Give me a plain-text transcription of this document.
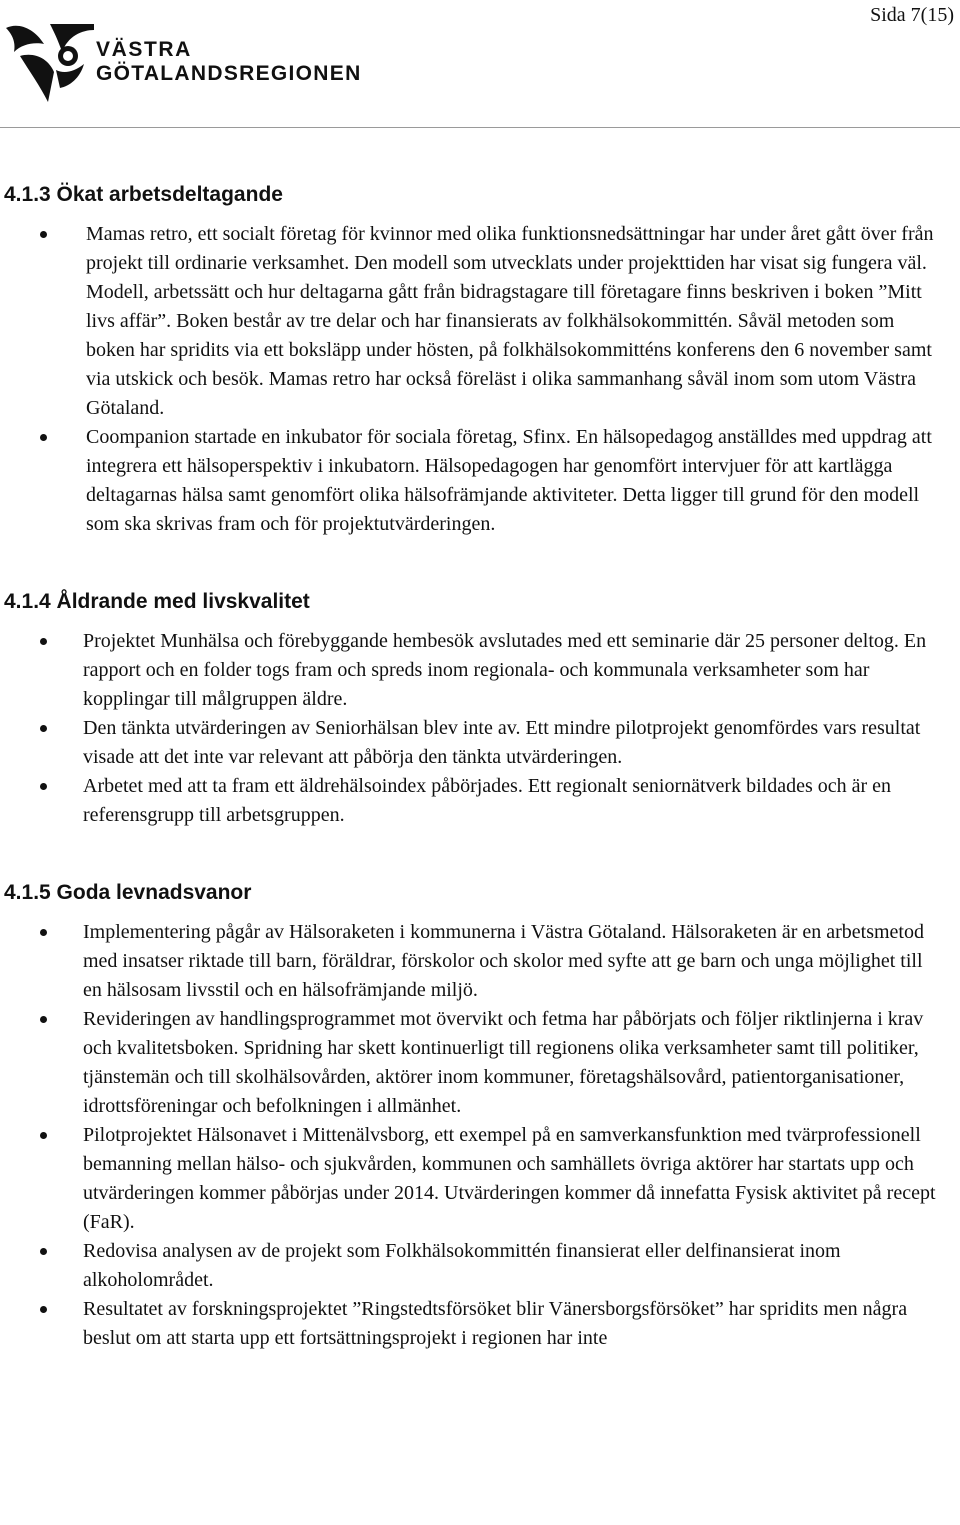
Sida 7(15)
VÄSTRA
GÖTALANDSREGIONEN
4.1.3 Ökat arbetsdeltagande
Mamas retro, ett socialt företag för kvinnor med olika funktionsnedsättningar har under året gått över från projekt till ordinarie verksamhet. Den modell som utvecklats under projekttiden har visat sig fungera väl. Modell, arbetssätt och hur deltagarna gått från bidragstagare till företagare finns beskriven i boken ”Mitt livs affär”. Boken består av tre delar och har finansierats av folkhälsokommittén. Såväl metoden som boken har spridits via ett boksläpp under hösten, på folkhälsokommitténs konferens den 6 november samt via utskick och besök. Mamas retro har också föreläst i olika sammanhang såväl inom som utom Västra Götaland.
Coompanion startade en inkubator för sociala företag, Sfinx. En hälsopedagog anställdes med uppdrag att integrera ett hälsoperspektiv i inkubatorn. Hälsopedagogen har genomfört intervjuer för att kartlägga deltagarnas hälsa samt genomfört olika hälsofrämjande aktiviteter. Detta ligger till grund för den modell som ska skrivas fram och för projektutvärderingen.
4.1.4 Åldrande med livskvalitet
Projektet Munhälsa och förebyggande hembesök avslutades med ett seminarie där 25 personer deltog. En rapport och en folder togs fram och spreds inom regionala- och kommunala verksamheter som har kopplingar till målgruppen äldre.
Den tänkta utvärderingen av Seniorhälsan blev inte av. Ett mindre pilotprojekt genomfördes vars resultat visade att det inte var relevant att påbörja den tänkta utvärderingen.
Arbetet med att ta fram ett äldrehälsoindex påbörjades. Ett regionalt seniornätverk bildades och är en referensgrupp till arbetsgruppen.
4.1.5 Goda levnadsvanor
Implementering pågår av Hälsoraketen i kommunerna i Västra Götaland. Hälsoraketen är en arbetsmetod med insatser riktade till barn, föräldrar, förskolor och skolor med syfte att ge barn och unga möjlighet till en hälsosam livsstil och en hälsofrämjande miljö.
Revideringen av handlingsprogrammet mot övervikt och fetma har påbörjats och följer riktlinjerna i krav och kvalitetsboken. Spridning har skett kontinuerligt till regionens olika verksamheter samt till politiker, tjänstemän och till skolhälsovården, aktörer inom kommuner, företagshälsovård, patientorganisationer, idrottsföreningar och befolkningen i allmänhet.
Pilotprojektet Hälsonavet i Mittenälvsborg, ett exempel på en samverkansfunktion med tvärprofessionell bemanning mellan hälso- och sjukvården, kommunen och samhällets övriga aktörer har startats upp och utvärderingen kommer påbörjas under 2014. Utvärderingen kommer då innefatta Fysisk aktivitet på recept (FaR).
Redovisa analysen av de projekt som Folkhälsokommittén finansierat eller delfinansierat inom alkoholområdet.
Resultatet av forskningsprojektet ”Ringstedtsförsöket blir Vänersborgsförsöket” har spridits men några beslut om att starta upp ett fortsättningsprojekt i regionen har inte
